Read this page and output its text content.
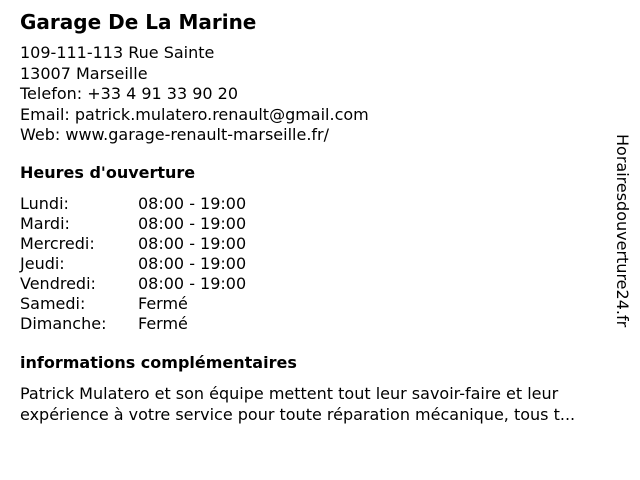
Garage De La Marine
109-111-113 Rue Sainte
13007 Marseille
Telefon: +33 4 91 33 90 20
Email: patrick.mulatero.renault@gmail.com
Web: www.garage-renault-marseille.fr/
Heures d'ouverture
Lundi:	08:00 - 19:00
Mardi:	08:00 - 19:00
Mercredi:	08:00 - 19:00
Jeudi:	08:00 - 19:00
Vendredi:	08:00 - 19:00
Samedi:	Fermé
Dimanche: Fermé
informations complémentaires
Patrick Mulatero et son équipe mettent tout leur savoir-faire et leur
expérience à votre service pour toute réparation mécanique, tous t...
Horairesdouverture24.fr
